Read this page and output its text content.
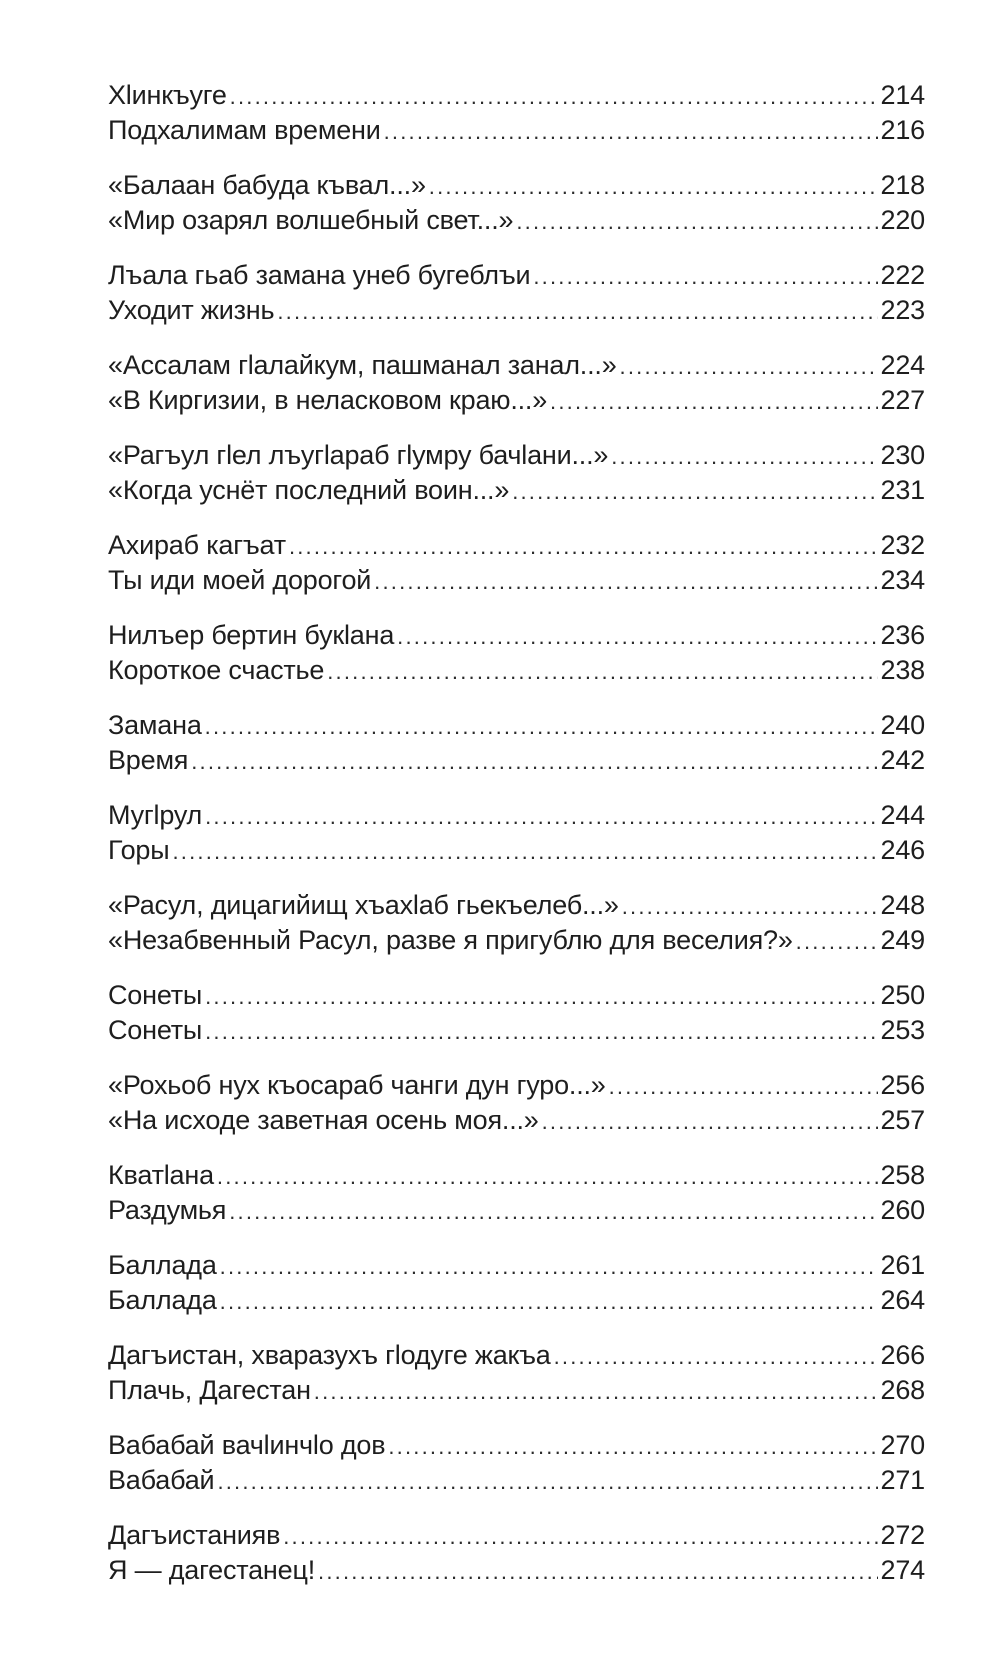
Хlинкъуге .....	214
Подхалимам времени .....	216
«Балаан бабуда къвал...» .....	218
«Мир озарял волшебный свет...» .....	220
Лъала гьаб замана унеб бугеблъи .....	222
Уходит жизнь .....	223
«Ассалам гlалайкум, пашманал занал...» .....	224
«В Киргизии, в неласковом краю...» .....	227
«Рагъул гlел лъугlараб гlумру бачlани...» .....	230
«Когда уснёт последний воин...» .....	231
Ахираб кагъат .....	232
Ты иди моей дорогой .....	234
Нилъер бертин букlана .....	236
Короткое счастье .....	238
Замана .....	240
Время .....	242
Мугlрул .....	244
Горы .....	246
«Расул, дицагийищ хъахlаб гьекъелеб...» .....	248
«Незабвенный Расул, разве я пригублю для веселия?» .....	249
Сонеты .....	250
Сонеты .....	253
«Рохьоб нух къосараб чанги дун гуро...» .....	256
«На исходе заветная осень моя...» .....	257
Кватlана .....	258
Раздумья .....	260
Баллада .....	261
Баллада .....	264
Дагъистан, хваразухъ гlодуге жакъа .....	266
Плачь, Дагестан .....	268
Вабабай вачlинчlо дов .....	270
Вабабай .....	271
Дагъистанияв .....	272
Я — дагестанец! .....	274
